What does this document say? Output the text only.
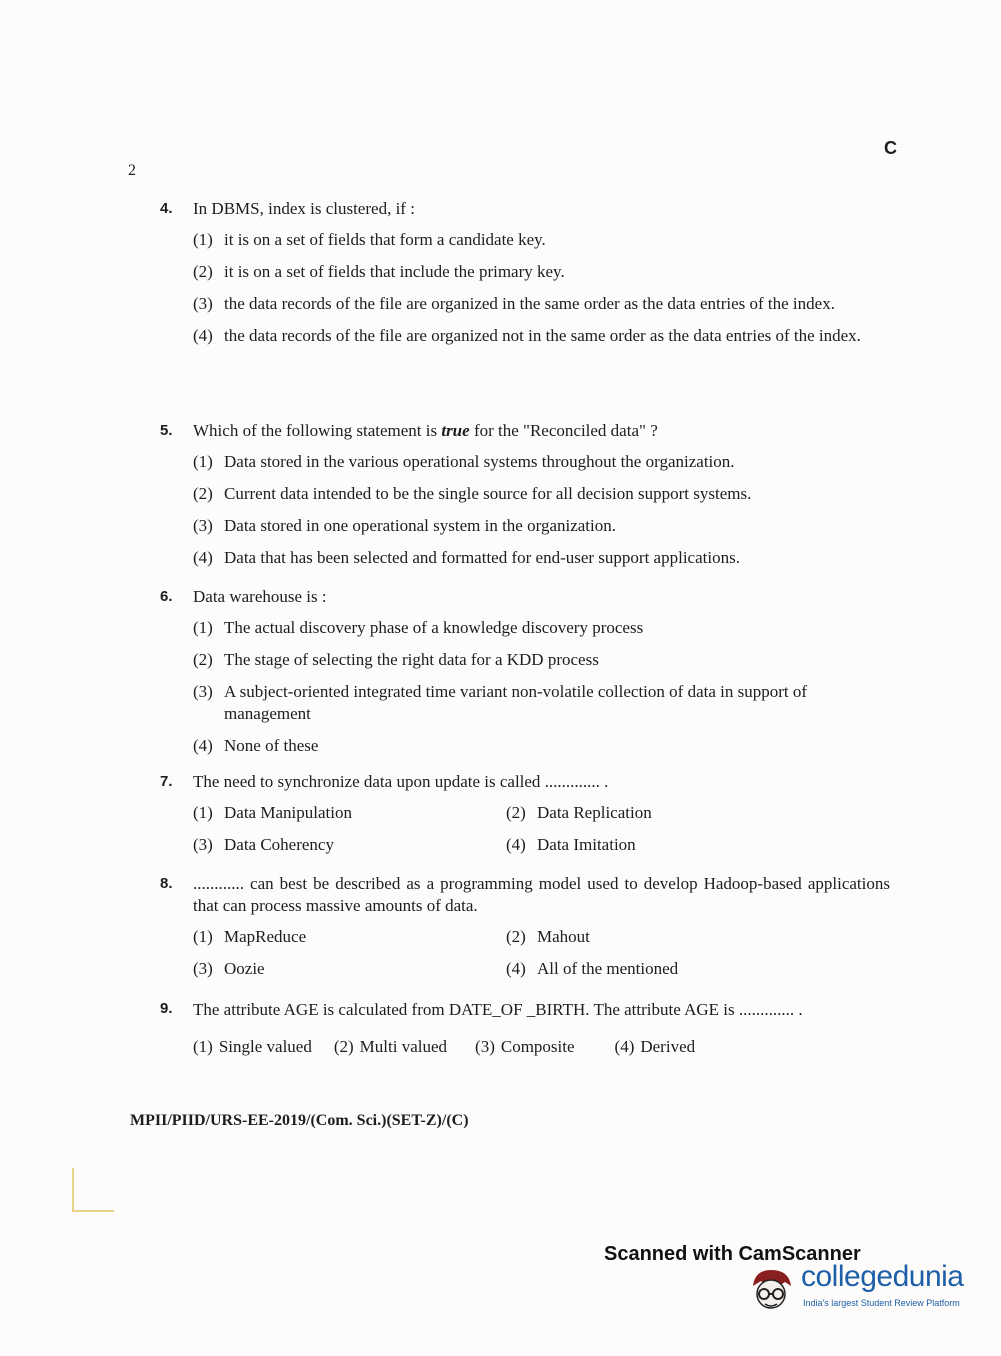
2
C
4. In DBMS, index is clustered, if :
(1) it is on a set of fields that form a candidate key.
(2) it is on a set of fields that include the primary key.
(3) the data records of the file are organized in the same order as the data entries of the index.
(4) the data records of the file are organized not in the same order as the data entries of the index.
5. Which of the following statement is true for the "Reconciled data" ?
(1) Data stored in the various operational systems throughout the organization.
(2) Current data intended to be the single source for all decision support systems.
(3) Data stored in one operational system in the organization.
(4) Data that has been selected and formatted for end-user support applications.
6. Data warehouse is :
(1) The actual discovery phase of a knowledge discovery process
(2) The stage of selecting the right data for a KDD process
(3) A subject-oriented integrated time variant non-volatile collection of data in support of management
(4) None of these
7. The need to synchronize data upon update is called ............. .
(1) Data Manipulation	(2) Data Replication
(3) Data Coherency	(4) Data Imitation
8. ............ can best be described as a programming model used to develop Hadoop-based applications that can process massive amounts of data.
(1) MapReduce	(2) Mahout
(3) Oozie	(4) All of the mentioned
9. The attribute AGE is calculated from DATE_OF _BIRTH. The attribute AGE is ............. .
(1) Single valued (2) Multi valued (3) Composite (4) Derived
MPII/PIID/URS-EE-2019/(Com. Sci.)(SET-Z)/(C)
Scanned with CamScanner
collegedunia
India's largest Student Review Platform
